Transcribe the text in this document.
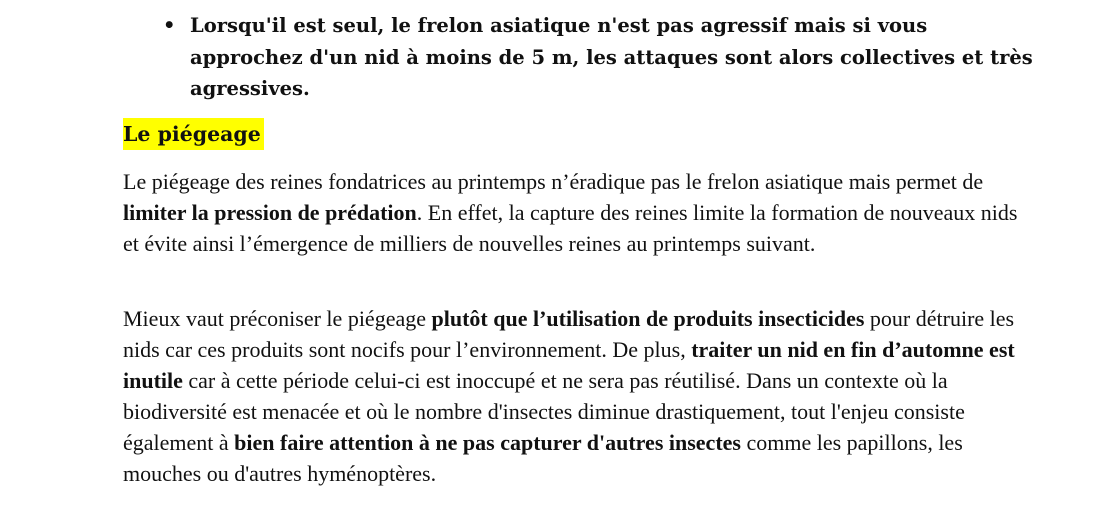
• Lorsqu'il est seul, le frelon asiatique n'est pas agressif mais si vous approchez d'un nid à moins de 5 m, les attaques sont alors collectives et très agressives.
Le piégeage

Le piégeage des reines fondatrices au printemps n’éradique pas le frelon asiatique mais permet de limiter la pression de prédation. En effet, la capture des reines limite la formation de nouveaux nids et évite ainsi l’émergence de milliers de nouvelles reines au printemps suivant.

Mieux vaut préconiser le piégeage plutôt que l’utilisation de produits insecticides pour détruire les nids car ces produits sont nocifs pour l’environnement. De plus, traiter un nid en fin d’automne est inutile car à cette période celui-ci est inoccupé et ne sera pas réutilisé. Dans un contexte où la biodiversité est menacée et où le nombre d'insectes diminue drastiquement, tout l'enjeu consiste également à bien faire attention à ne pas capturer d'autres insectes comme les papillons, les mouches ou d'autres hyménoptères.
